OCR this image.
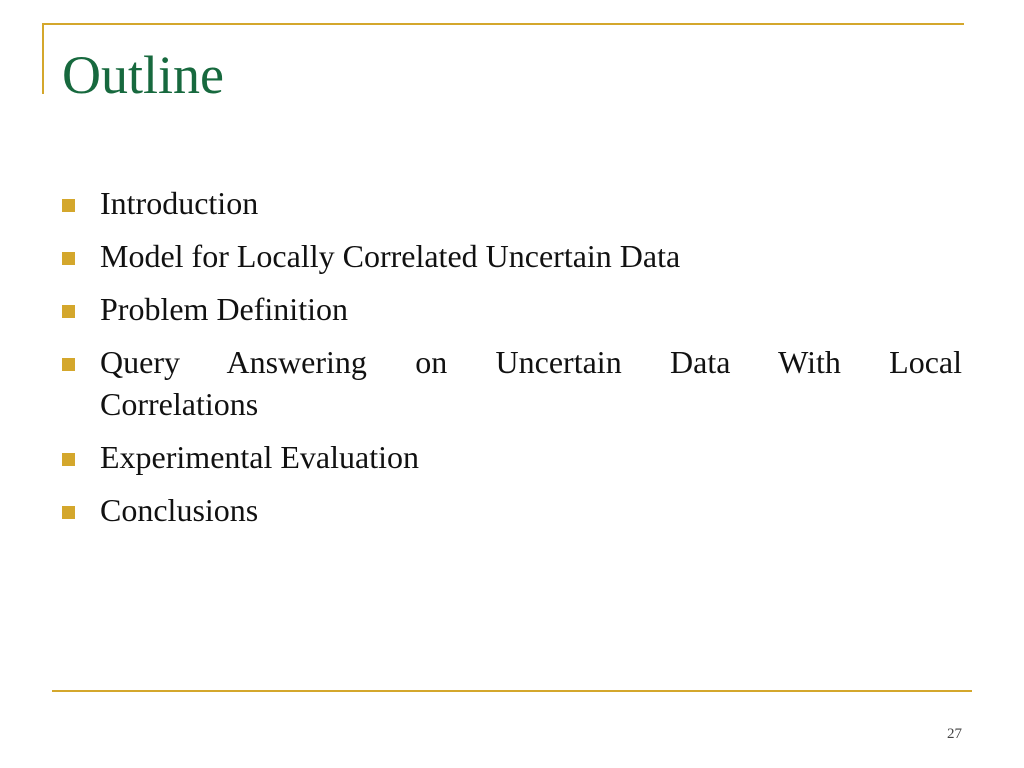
Outline
Introduction
Model for Locally Correlated Uncertain Data
Problem Definition
Query Answering on Uncertain Data With Local
Correlations
Experimental Evaluation
Conclusions
27
